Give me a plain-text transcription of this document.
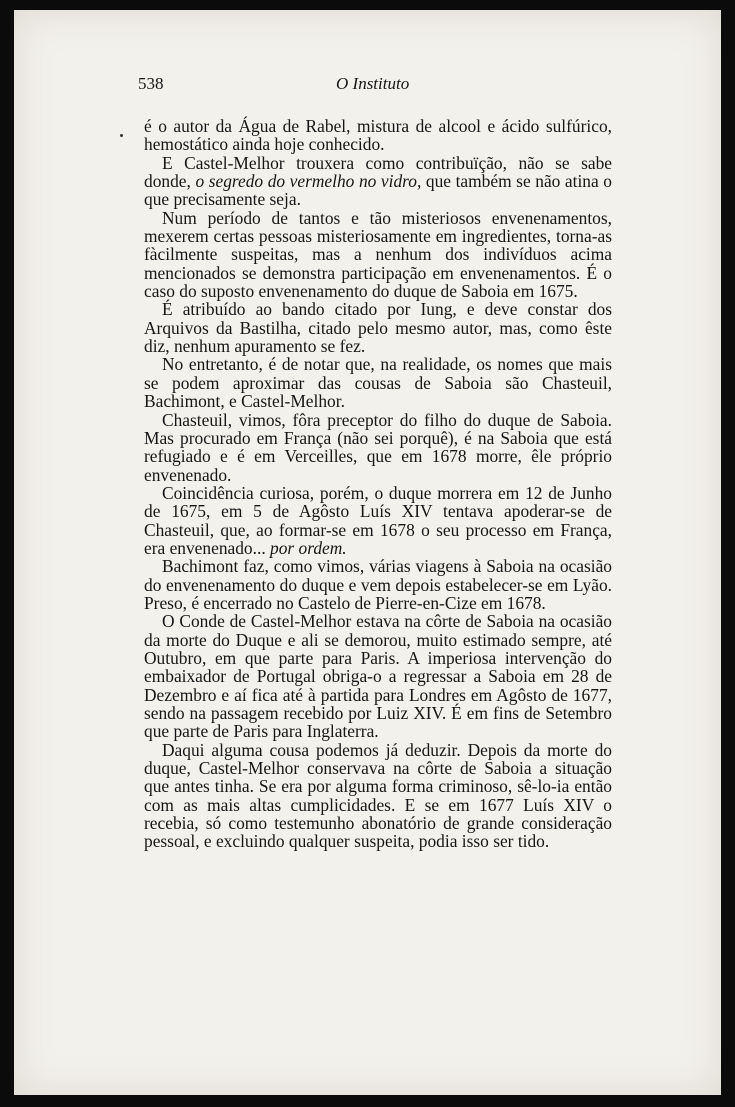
538	O Instituto

é o autor da Água de Rabel, mistura de alcool e ácido sulfúrico, hemostático ainda hoje conhecido.

E Castel-Melhor trouxera como contribuïção, não se sabe donde, o segredo do vermelho no vidro, que também se não atina o que precisamente seja.

Num período de tantos e tão misteriosos envenenamentos, mexerem certas pessoas misteriosamente em ingredientes, torna-as fàcilmente suspeitas, mas a nenhum dos indivíduos acima mencionados se demonstra participação em envenenamentos. É o caso do suposto envenenamento do duque de Saboia em 1675.

É atribuído ao bando citado por Iung, e deve constar dos Arquivos da Bastilha, citado pelo mesmo autor, mas, como êste diz, nenhum apuramento se fez.

No entretanto, é de notar que, na realidade, os nomes que mais se podem aproximar das cousas de Saboia são Chasteuil, Bachimont, e Castel-Melhor.

Chasteuil, vimos, fôra preceptor do filho do duque de Saboia. Mas procurado em França (não sei porquê), é na Saboia que está refugiado e é em Verceilles, que em 1678 morre, êle próprio envenenado.

Coincidência curiosa, porém, o duque morrera em 12 de Junho de 1675, em 5 de Agôsto Luís XIV tentava apoderar-se de Chasteuil, que, ao formar-se em 1678 o seu processo em França, era envenenado... por ordem.

Bachimont faz, como vimos, várias viagens à Saboia na ocasião do envenenamento do duque e vem depois estabelecer-se em Lyão. Preso, é encerrado no Castelo de Pierre-en-Cize em 1678.

O Conde de Castel-Melhor estava na côrte de Saboia na ocasião da morte do Duque e ali se demorou, muito estimado sempre, até Outubro, em que parte para Paris. A imperiosa intervenção do embaixador de Portugal obriga-o a regressar a Saboia em 28 de Dezembro e aí fica até à partida para Londres em Agôsto de 1677, sendo na passagem recebido por Luiz XIV. É em fins de Setembro que parte de Paris para Inglaterra.

Daqui alguma cousa podemos já deduzir. Depois da morte do duque, Castel-Melhor conservava na côrte de Saboia a situação que antes tinha. Se era por alguma forma criminoso, sê-lo-ia então com as mais altas cumplicidades. E se em 1677 Luís XIV o recebia, só como testemunho abonatório de grande consideração pessoal, e excluindo qualquer suspeita, podia isso ser tido.
